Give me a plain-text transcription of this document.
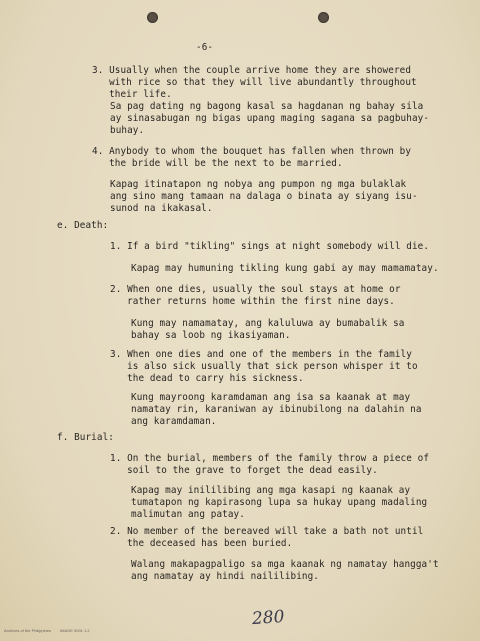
-6-
3. Usually when the couple arrive home they are showered
with rice so that they will live abundantly throughout
their life.
Sa pag dating ng bagong kasal sa hagdanan ng bahay sila
ay sinasabugan ng bigas upang maging sagana sa pagbuhay-
buhay.
4. Anybody to whom the bouquet has fallen when thrown by
the bride will be the next to be married.
Kapag itinatapon ng nobya ang pumpon ng mga bulaklak
ang sino mang tamaan na dalaga o binata ay siyang isu-
sunod na ikakasal.
e. Death:
1. If a bird "tikling" sings at night somebody will die.
Kapag may humuning tikling kung gabi ay may mamamatay.
2. When one dies, usually the soul stays at home or
rather returns home within the first nine days.
Kung may namamatay, ang kaluluwa ay bumabalik sa
bahay sa loob ng ikasiyaman.
3. When one dies and one of the members in the family
is also sick usually that sick person whisper it to
the dead to carry his sickness.
Kung mayroong karamdaman ang isa sa kaanak at may
namatay rin, karaniwan ay ibinubilong na dalahin na
ang karamdaman.
f. Burial:
1. On the burial, members of the family throw a piece of
soil to the grave to forget the dead easily.
Kapag may inililibing ang mga kasapi ng kaanak ay
tumatapon ng kapirasong lupa sa hukay upang madaling
malimutan ang patay.
2. No member of the bereaved will take a bath not until
the deceased has been buried.
Walang makapagpaligo sa mga kaanak ng namatay hangga't
ang namatay ay hindi naililibing.
280
Archives of the Philippines IMAGE 0001 1.2
